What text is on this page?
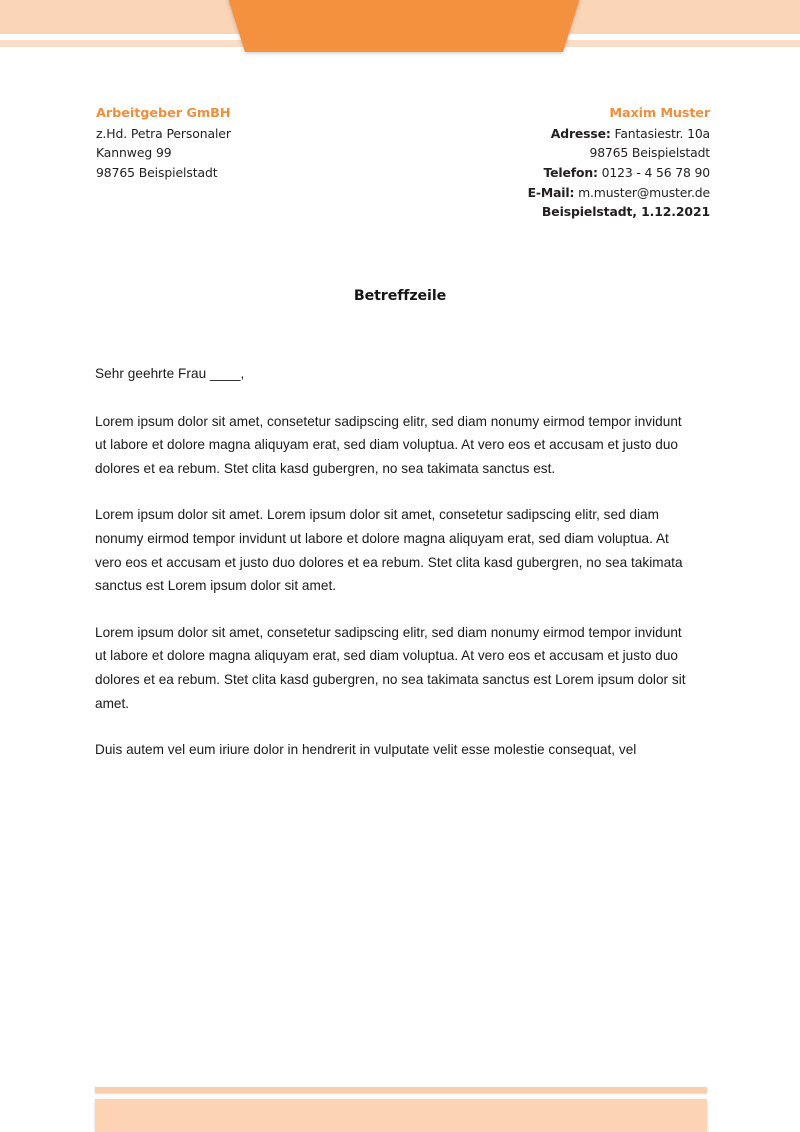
Arbeitgeber GmBH
z.Hd. Petra Personaler
Kannweg 99
98765 Beispielstadt
Maxim Muster
Adresse: Fantasiestr. 10a
98765 Beispielstadt
Telefon: 0123 - 4 56 78 90
E-Mail: m.muster@muster.de
Beispielstadt, 1.12.2021
Betreffzeile

Sehr geehrte Frau ____,

Lorem ipsum dolor sit amet, consetetur sadipscing elitr, sed diam nonumy eirmod tempor invidunt ut labore et dolore magna aliquyam erat, sed diam voluptua. At vero eos et accusam et justo duo dolores et ea rebum. Stet clita kasd gubergren, no sea takimata sanctus est.

Lorem ipsum dolor sit amet. Lorem ipsum dolor sit amet, consetetur sadipscing elitr, sed diam nonumy eirmod tempor invidunt ut labore et dolore magna aliquyam erat, sed diam voluptua. At vero eos et accusam et justo duo dolores et ea rebum. Stet clita kasd gubergren, no sea takimata sanctus est Lorem ipsum dolor sit amet.

Lorem ipsum dolor sit amet, consetetur sadipscing elitr, sed diam nonumy eirmod tempor invidunt ut labore et dolore magna aliquyam erat, sed diam voluptua. At vero eos et accusam et justo duo dolores et ea rebum. Stet clita kasd gubergren, no sea takimata sanctus est Lorem ipsum dolor sit amet.

Duis autem vel eum iriure dolor in hendrerit in vulputate velit esse molestie consequat, vel
